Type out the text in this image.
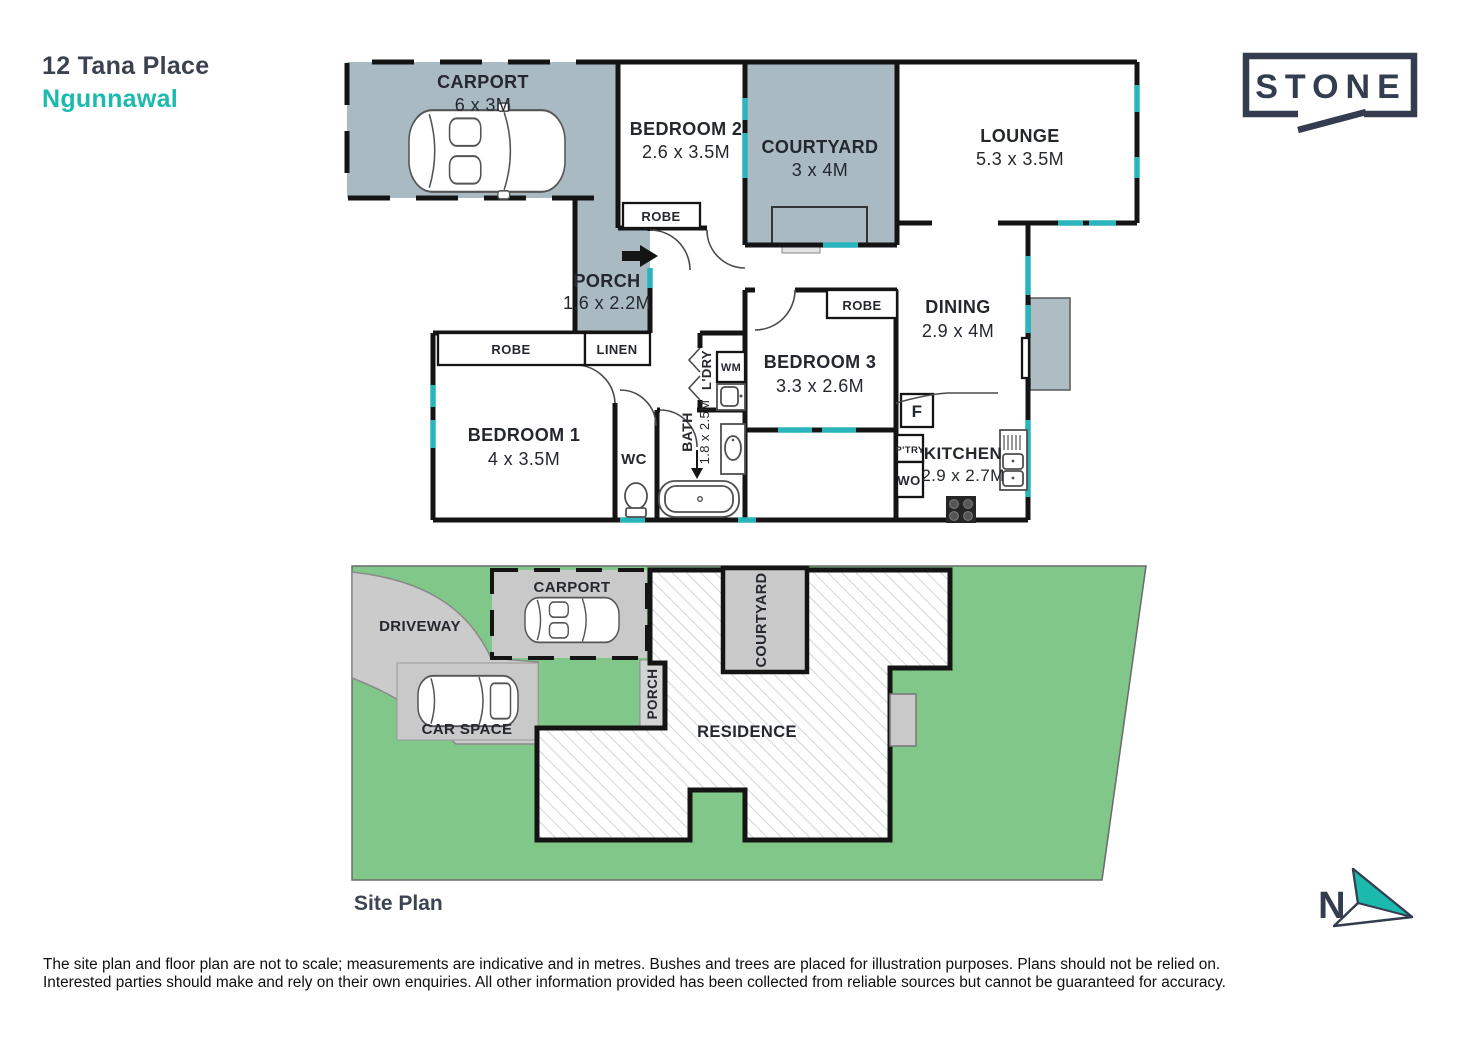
12 Tana Place
Ngunnawal	STONE
CARPORT
6 x 3M
BEDROOM 2
2.6 x 3.5M COURTYARD
3 x 4M
LOUNGE
5.3 x 3.5M
PORCH
1.6 x 2.2M	DINING
2.9 x 4M
BEDROOM 3
3.3 x 2.6M
BEDROOM 1
4 x 3.5M	KITCHEN
2.9 x 2.7M
ROBE
ROBE
ROBE	LINEN
WC
L'DRY WM
BATH 1.8 x 2.5M	F
P'TRY
WO
CARPORT
DRIVEWAY
CAR SPACE
PORCH
COURTYARD
RESIDENCE
N
Site Plan
The site plan and floor plan are not to scale; measurements are indicative and in metres. Bushes and trees are placed for illustration purposes. Plans should not be relied on.
Interested parties should make and rely on their own enquiries. All other information provided has been collected from reliable sources but cannot be guaranteed for accuracy.
